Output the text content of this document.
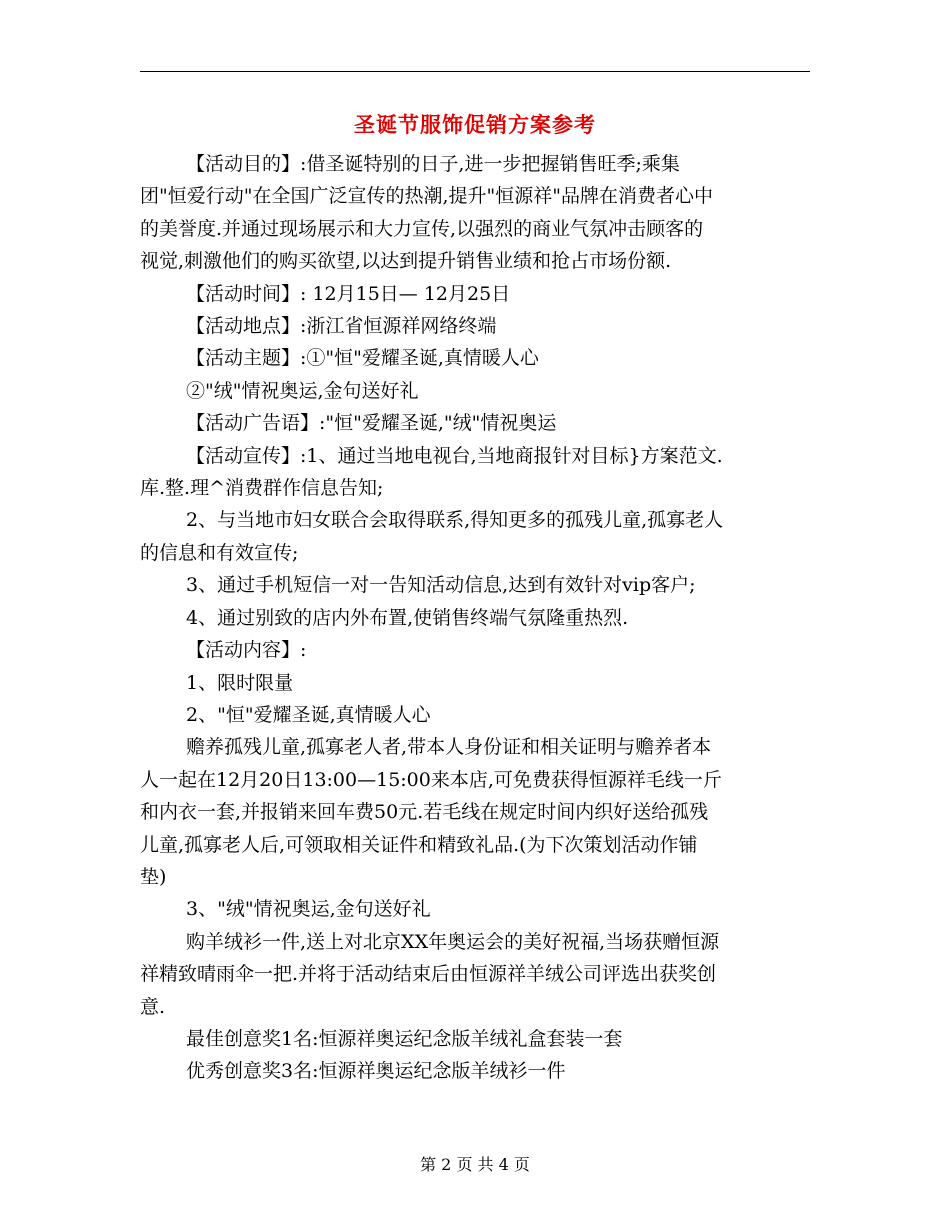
圣诞节服饰促销方案参考

【活动目的】:借圣诞特别的日子,进一步把握销售旺季;乘集

团"恒爱行动"在全国广泛宣传的热潮,提升"恒源祥"品牌在消费者心中

的美誉度.并通过现场展示和大力宣传,以强烈的商业气氛冲击顾客的

视觉,刺激他们的购买欲望,以达到提升销售业绩和抢占市场份额.

【活动时间】: 12月15日— 12月25日

【活动地点】:浙江省恒源祥网络终端

【活动主题】:①"恒"爱耀圣诞,真情暖人心

②"绒"情祝奥运,金句送好礼

【活动广告语】:"恒"爱耀圣诞,"绒"情祝奥运

【活动宣传】:1、通过当地电视台,当地商报针对目标}方案范文.

库.整.理^消费群作信息告知;

2、与当地市妇女联合会取得联系,得知更多的孤残儿童,孤寡老人

的信息和有效宣传;

3、通过手机短信一对一告知活动信息,达到有效针对vip客户;

4、通过别致的店内外布置,使销售终端气氛隆重热烈.

【活动内容】:

1、限时限量

2、"恒"爱耀圣诞,真情暖人心

赡养孤残儿童,孤寡老人者,带本人身份证和相关证明与赡养者本

人一起在12月20日13:00—15:00来本店,可免费获得恒源祥毛线一斤

和内衣一套,并报销来回车费50元.若毛线在规定时间内织好送给孤残

儿童,孤寡老人后,可领取相关证件和精致礼品.(为下次策划活动作铺

垫)

3、"绒"情祝奥运,金句送好礼

购羊绒衫一件,送上对北京XX年奥运会的美好祝福,当场获赠恒源

祥精致晴雨伞一把.并将于活动结束后由恒源祥羊绒公司评选出获奖创

意.

最佳创意奖1名:恒源祥奥运纪念版羊绒礼盒套装一套

优秀创意奖3名:恒源祥奥运纪念版羊绒衫一件

第 2 页 共 4 页
